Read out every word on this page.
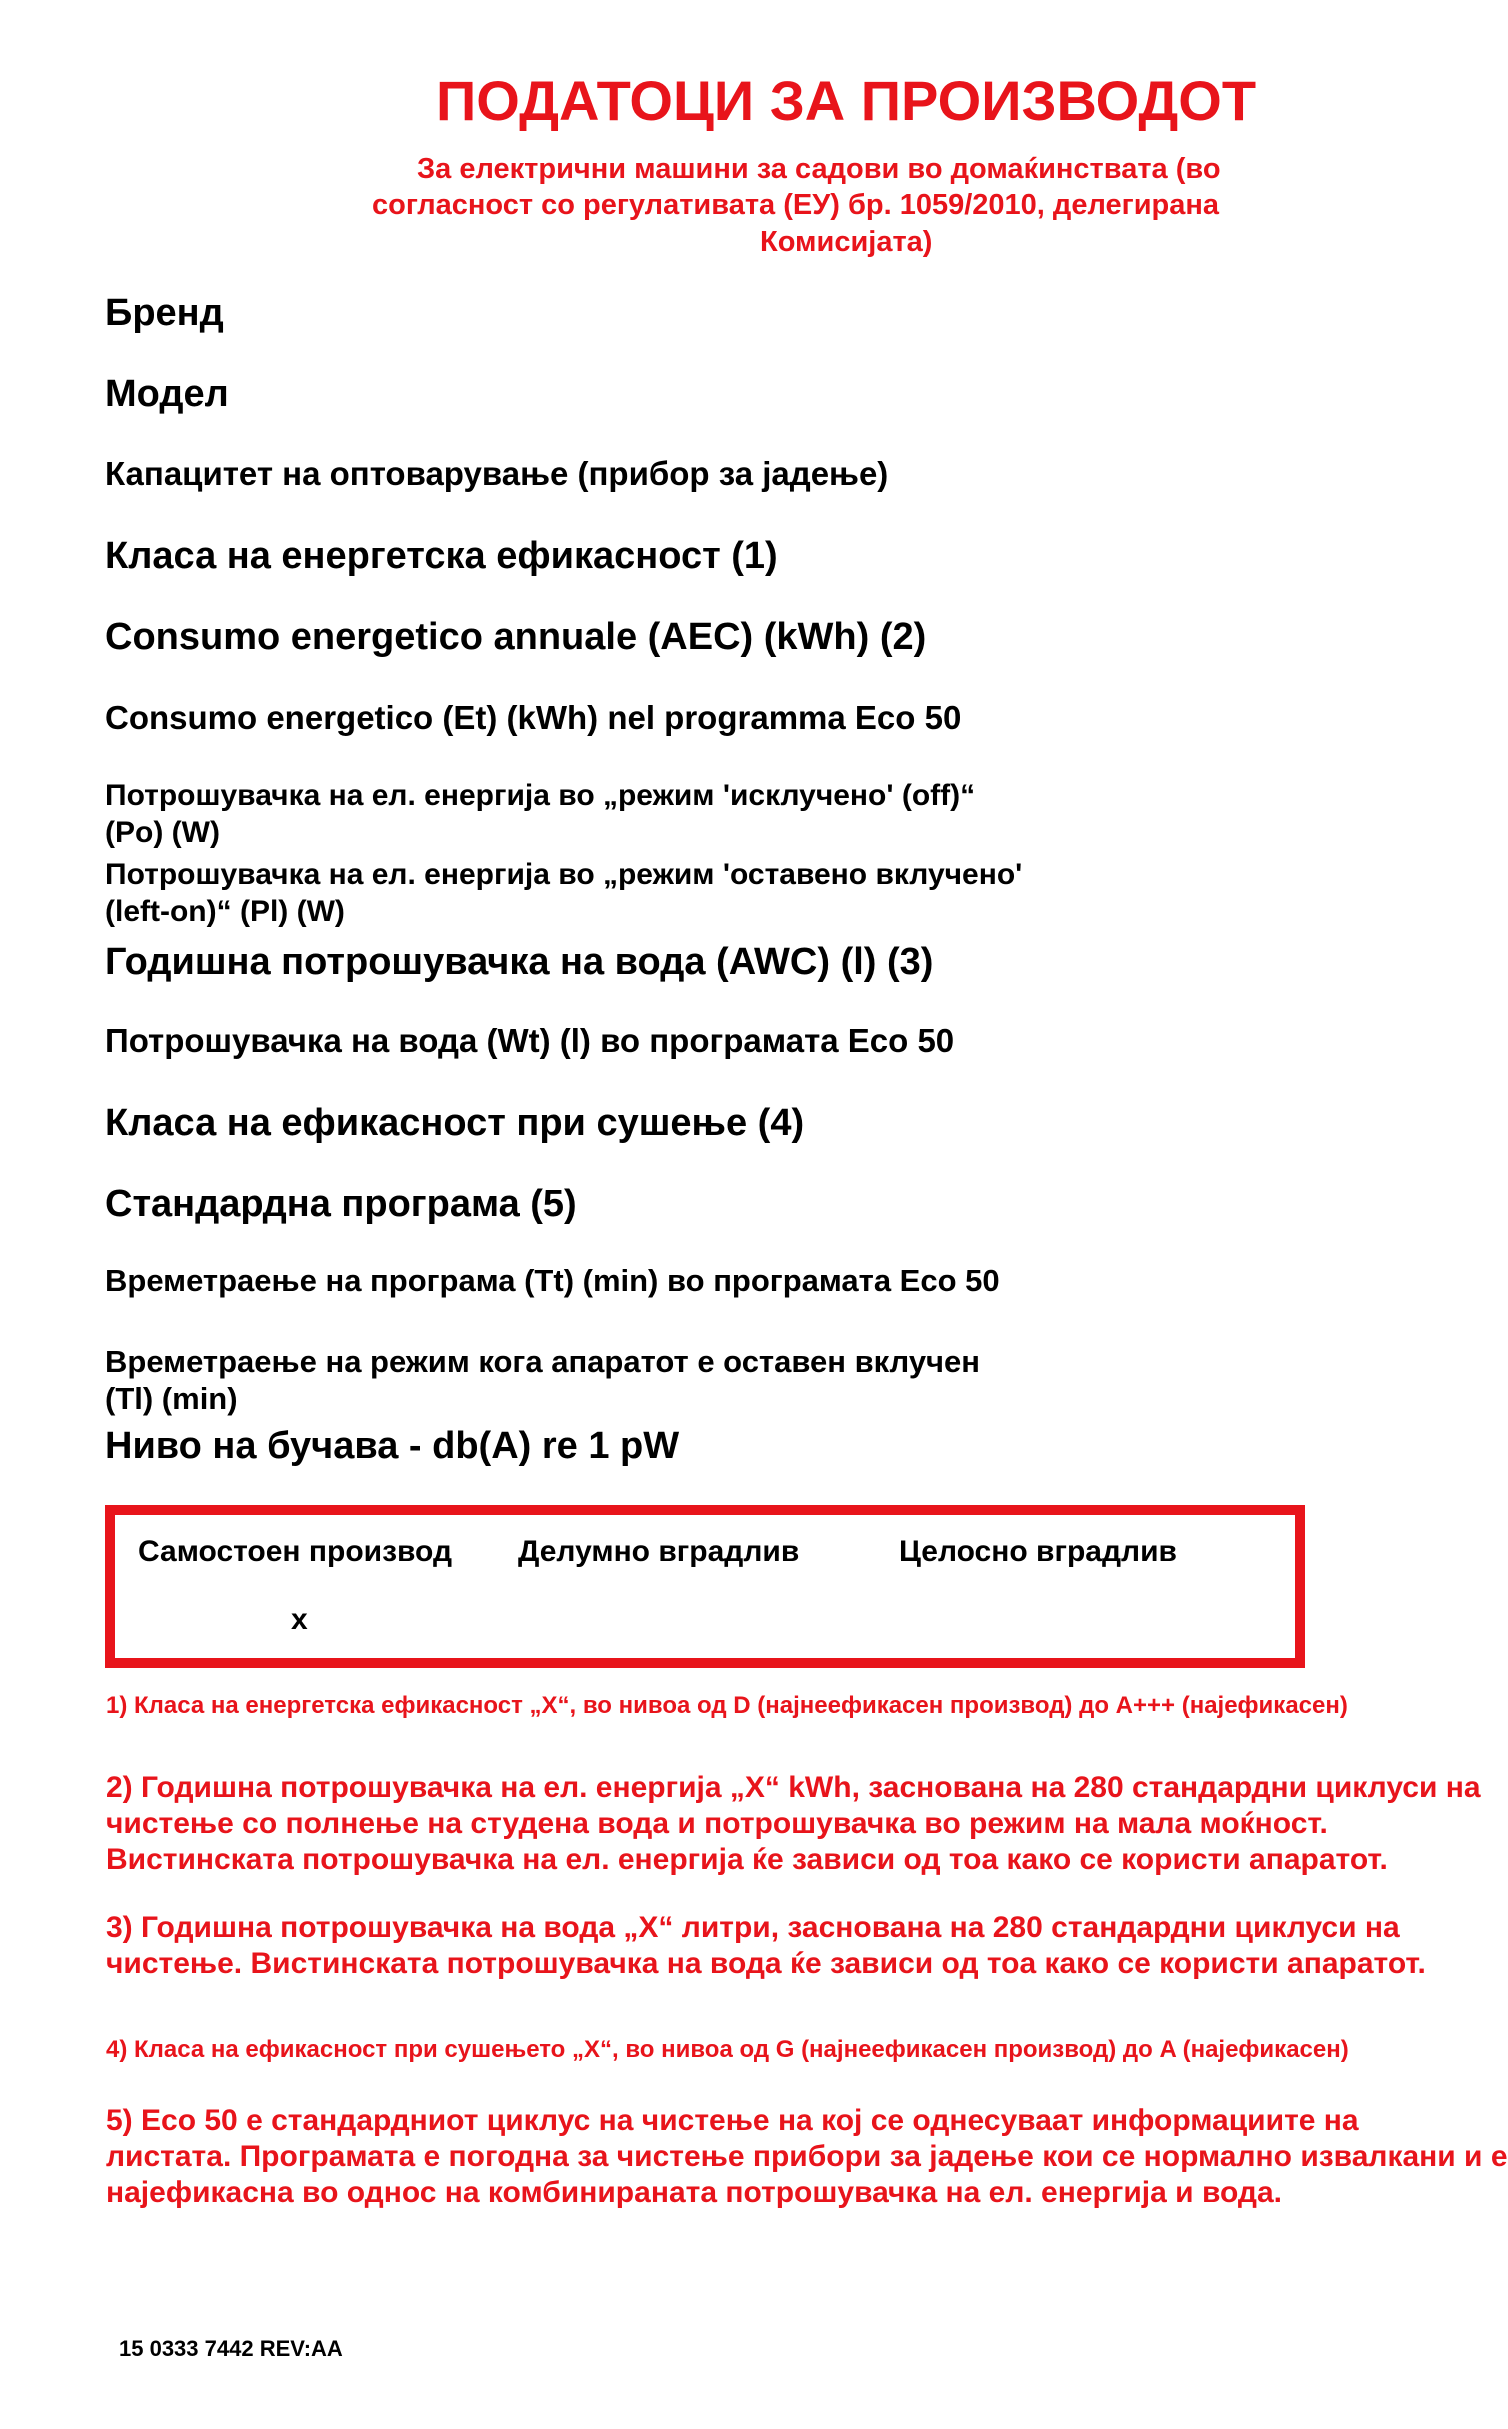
ПОДАТОЦИ ЗА ПРОИЗВОДОТ
За електрични машини за садови во домаќинствата (во
согласност со регулативата (ЕУ) бр. 1059/2010, делегирана
Комисијата)
Бренд
Модел
Капацитет на оптоварување (прибор за јадење)
Класа на енергетска ефикасност (1)
Consumo energetico annuale (AEC) (kWh) (2)
Consumo energetico (Et) (kWh) nel programma Eco 50
Потрошувачка на ел. енергија во „режим 'исклучено' (off)“
(Po) (W)
Потрошувачка на ел. енергија во „режим 'оставено вклучено'
(left-on)“ (Pl) (W)
Годишна потрошувачка на вода (AWC) (l) (3)
Потрошувачка на вода (Wt) (l) во програмата Eco 50
Класа на ефикасност при сушење (4)
Стандардна програма (5)
Времетраење на програма (Tt) (min) во програмата Eco 50
Времетраење на режим кога апаратот е оставен вклучен
(Tl) (min)
Ниво на бучава - db(A) re 1 pW
Самостоен производ Делумно вградлив	Целосно вградлив
x
1) Класа на енергетска ефикасност „X“, во нивоа од D (најнеефикасен производ) до A+++ (најефикасен)
2) Годишна потрошувачка на ел. енергија „X“ kWh, заснована на 280 стандардни циклуси на
чистење со полнење на студена вода и потрошувачка во режим на мала моќност.
Вистинската потрошувачка на ел. енергија ќе зависи од тоа како се користи апаратот.
3) Годишна потрошувачка на вода „X“ литри, заснована на 280 стандардни циклуси на
чистење. Вистинската потрошувачка на вода ќе зависи од тоа како се користи апаратот.
4) Класа на ефикасност при сушењето „X“, во нивоа од G (најнеефикасен производ) до A (најефикасен)
5) Eco 50 е стандардниот циклус на чистење на кој се однесуваат информациите на
листата. Програмата е погодна за чистење прибори за јадење кои се нормално извалкани и е
најефикасна во однос на комбинираната потрошувачка на ел. енергија и вода.
15 0333 7442 REV:AA
